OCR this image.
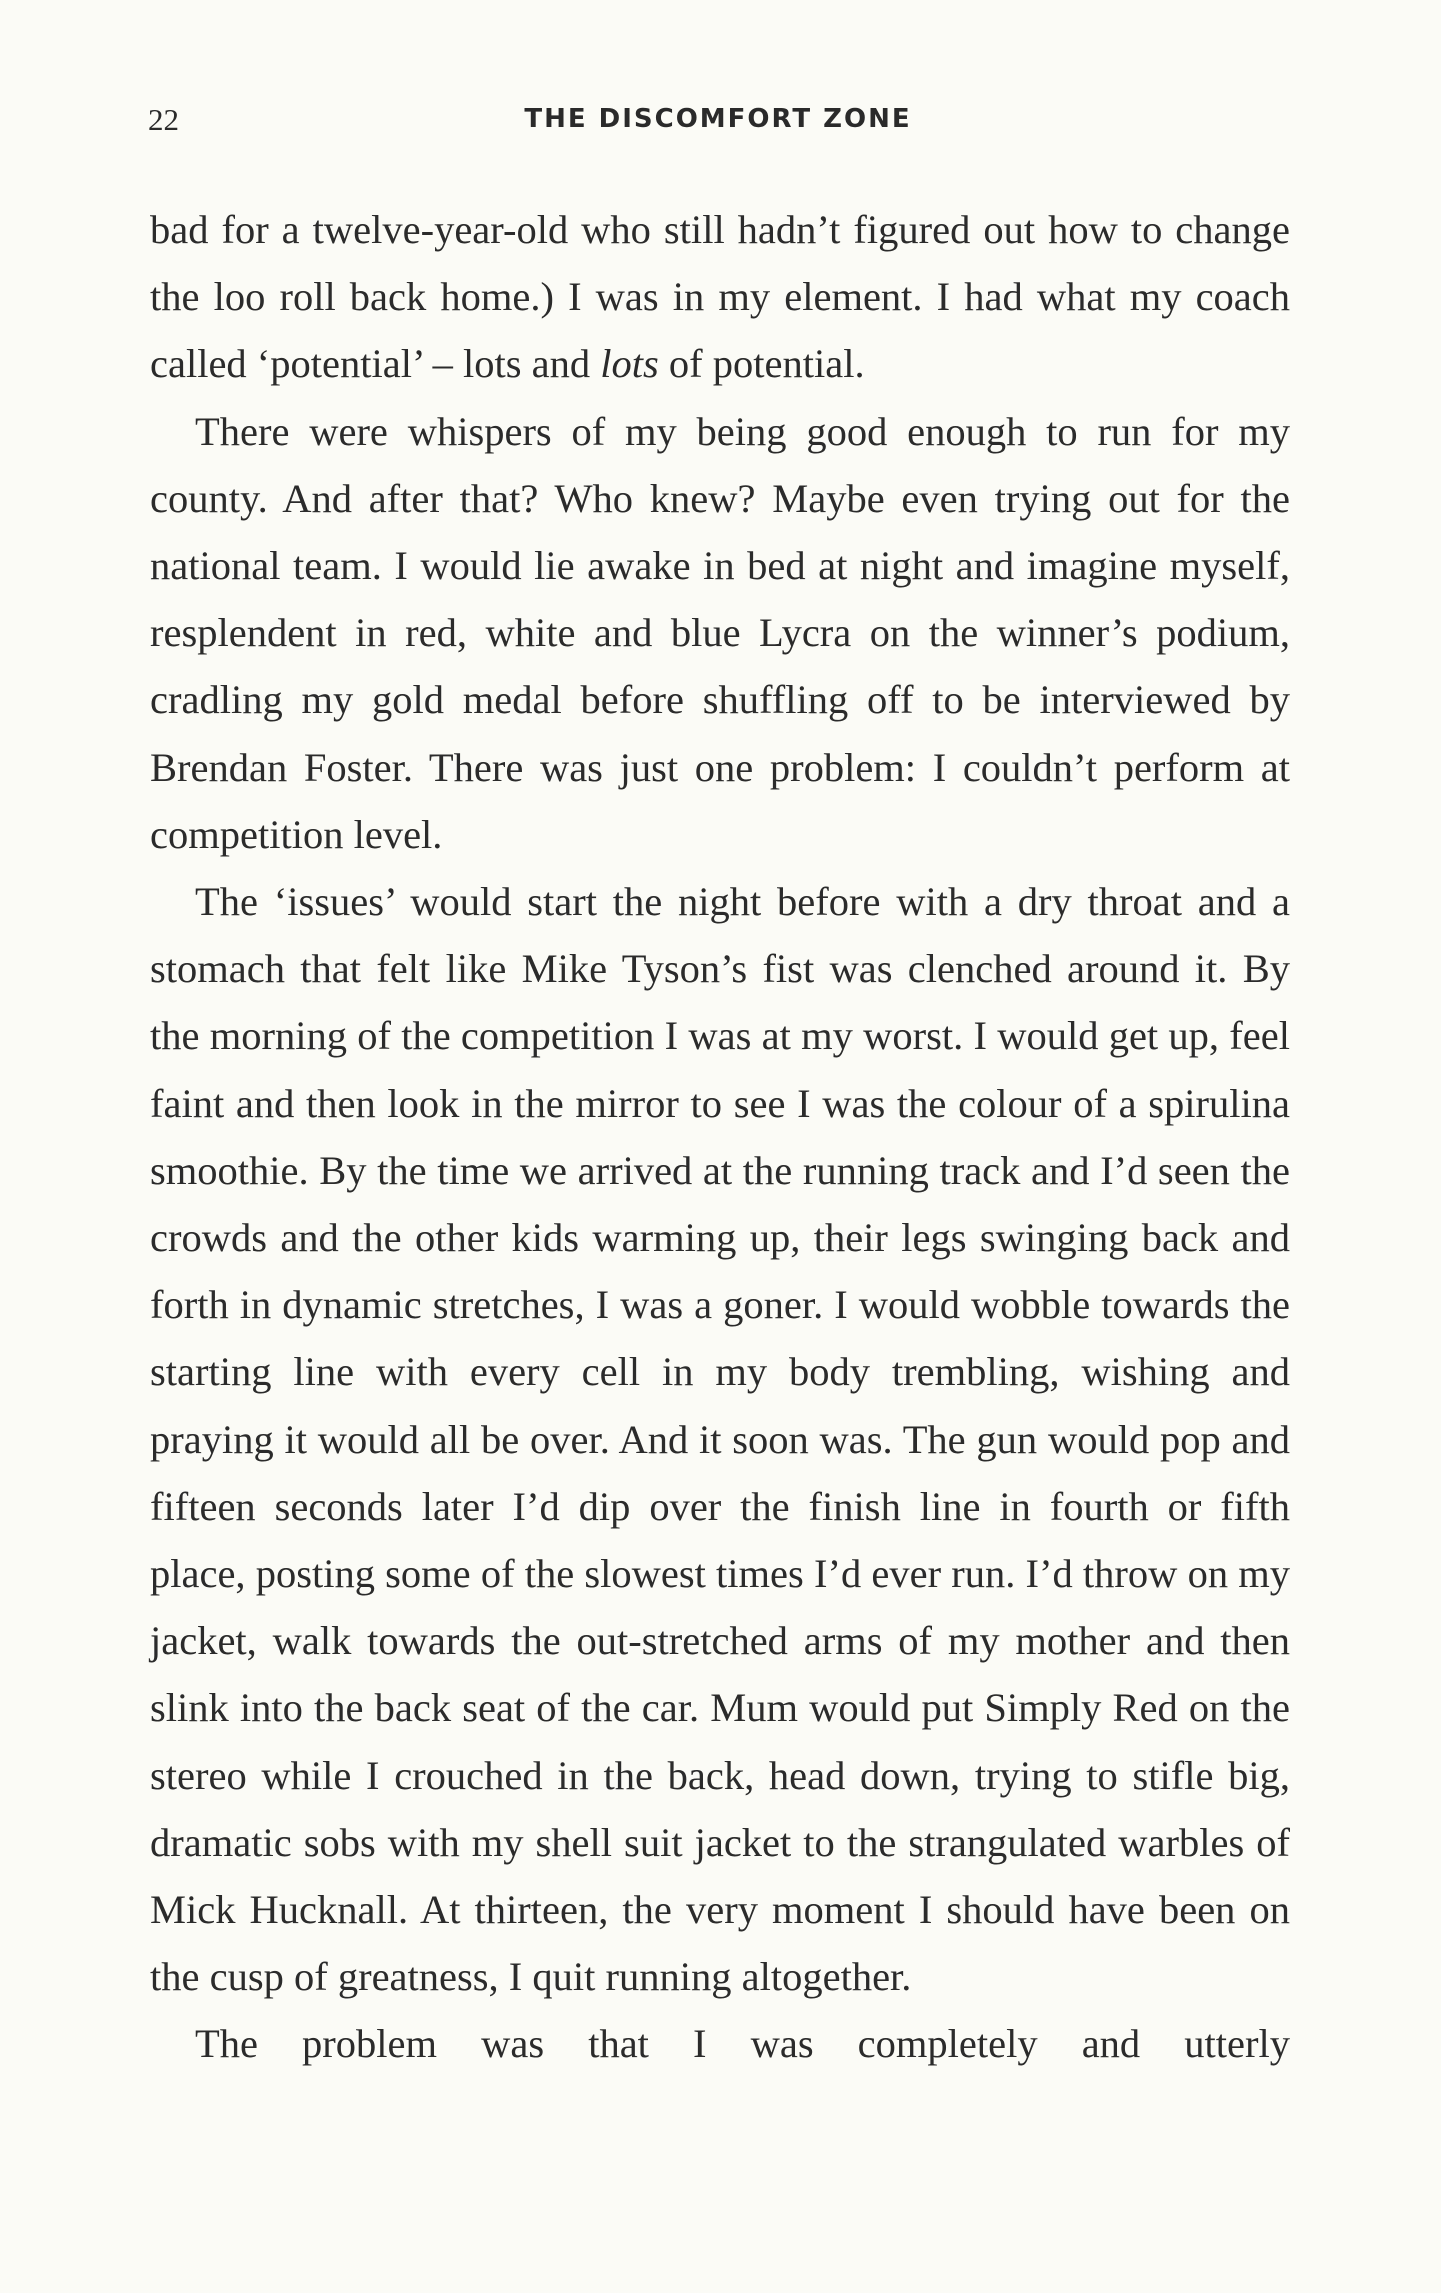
22	THE DISCOMFORT ZONE

bad for a twelve-year-old who still hadn’t figured out how to change the loo roll back home.) I was in my element. I had what my coach called ‘potential’ – lots and lots of potential.

There were whispers of my being good enough to run for my county. And after that? Who knew? Maybe even trying out for the national team. I would lie awake in bed at night and imagine myself, resplendent in red, white and blue Lycra on the winner’s podium, cradling my gold medal before shuffling off to be interviewed by Brendan Foster. There was just one problem: I couldn’t perform at competition level.

The ‘issues’ would start the night before with a dry throat and a stomach that felt like Mike Tyson’s fist was clenched around it. By the morning of the competition I was at my worst. I would get up, feel faint and then look in the mirror to see I was the colour of a spirulina smoothie. By the time we arrived at the running track and I’d seen the crowds and the other kids warming up, their legs swinging back and forth in dynamic stretches, I was a goner. I would wobble towards the starting line with every cell in my body trembling, wishing and praying it would all be over. And it soon was. The gun would pop and fifteen seconds later I’d dip over the finish line in fourth or fifth place, posting some of the slowest times I’d ever run. I’d throw on my jacket, walk towards the out-stretched arms of my mother and then slink into the back seat of the car. Mum would put Simply Red on the stereo while I crouched in the back, head down, trying to stifle big, dramatic sobs with my shell suit jacket to the strangulated warbles of Mick Hucknall. At thirteen, the very moment I should have been on the cusp of greatness, I quit running altogether.

The problem was that I was completely and utterly
